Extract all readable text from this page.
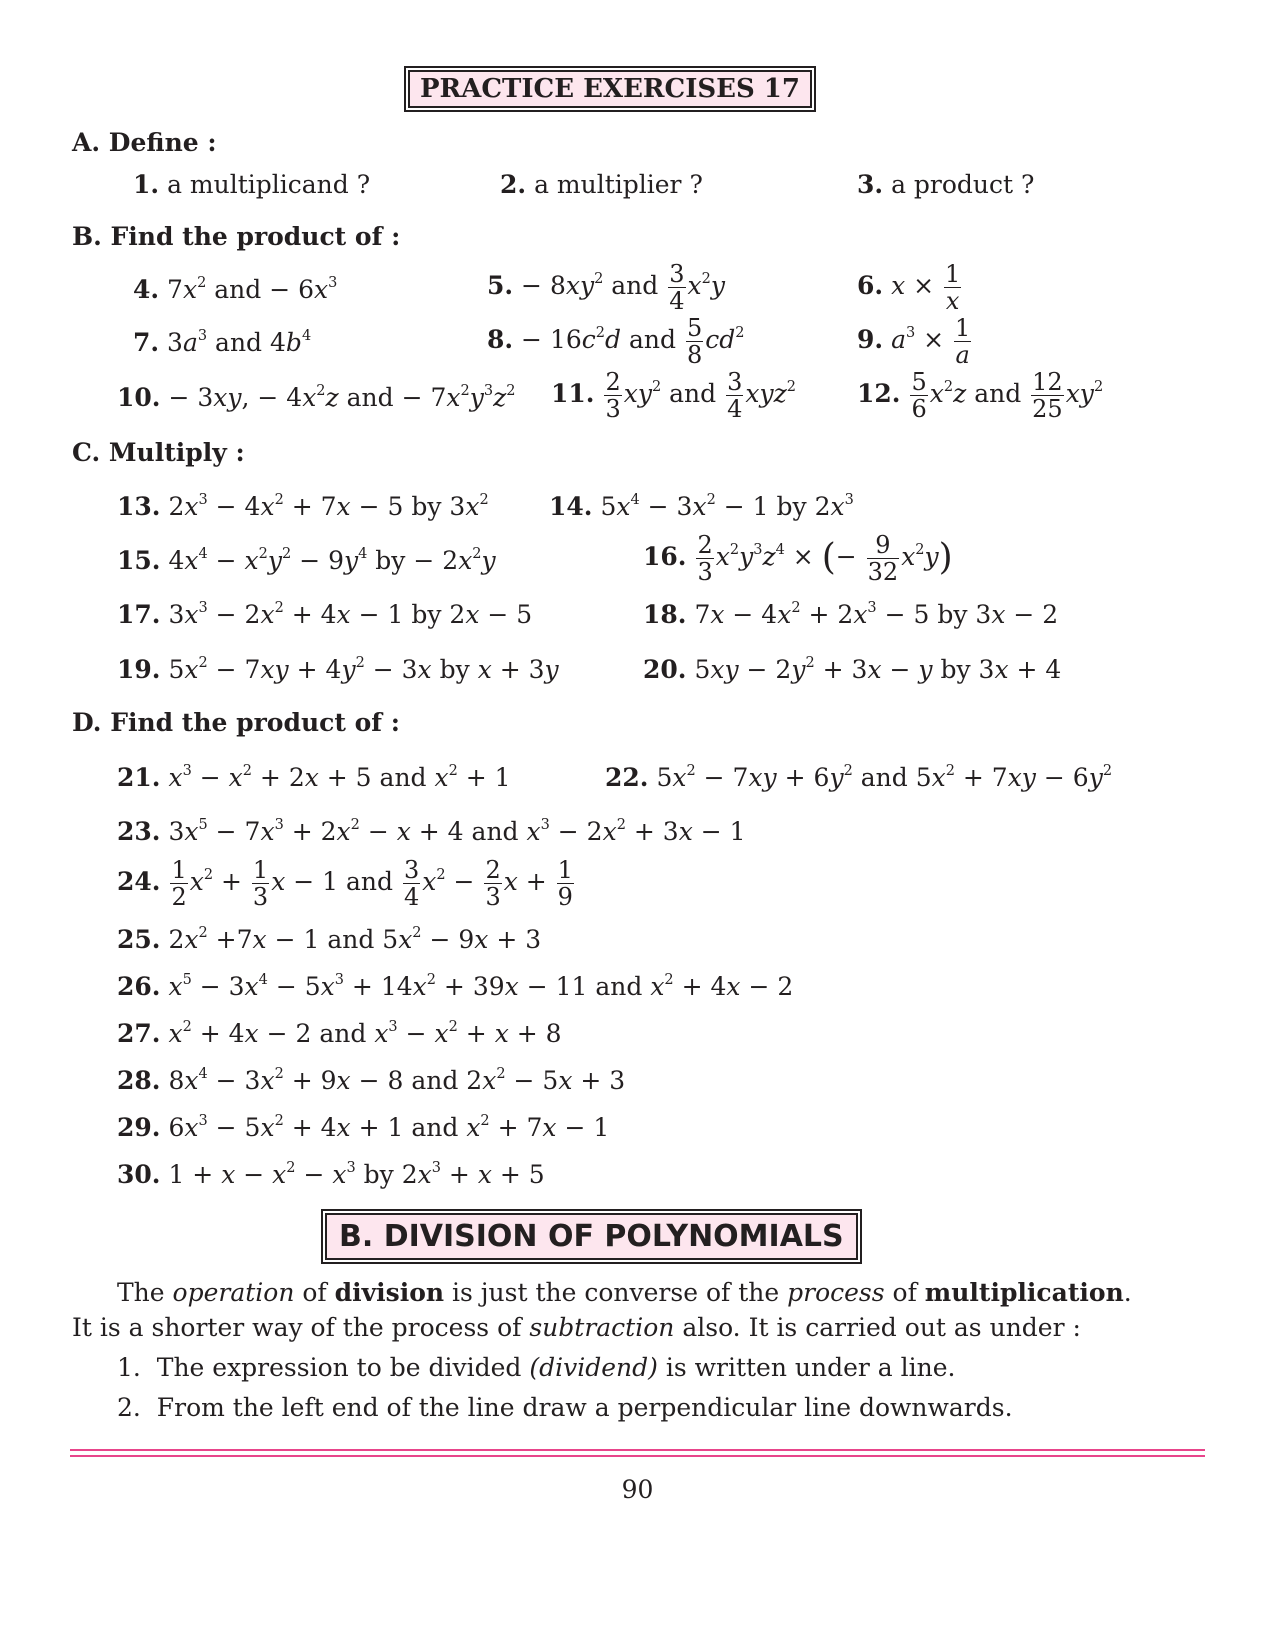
PRACTICE EXERCISES 17
A. Define :
1. a multiplicand ?	2. a multiplier ?	3. a product ?
B. Find the product of :
4. $7x^2$ and − $6x^3$	5. − $8xy^2$ and $\frac{3}{4} x^2y$	6. $x \times \frac{1}{x}$
7. $3a^3$ and $4b^4$	8. − $16c^2d$ and $\frac{5}{8} cd^2$	9. $a^3 \times \frac{1}{a}$
10. − 3xy, − $4x^2z$ and − $7x^2y^3z^2$ 11. $\frac{2}{3} xy^2$ and $\frac{3}{4} xyz^2$ 12. $\frac{5}{6} x^2z$ and $\frac{12}{25} xy^2$
C. Multiply :
13. $2x^3 - 4x^2 + 7x - 5$ by $3x^2$ 14. $5x^4 - 3x^2 - 1$ by $2x^3$
15. $4x^4 - x^2y^2 - 9y^4$ by − $2x^2y$	16. $\frac{2}{3} x^2y^3z^4$ × (− $\frac{9}{32} x^2y$)
17. $3x^3 - 2x^2 + 4x - 1$ by 2x − 5	18. $7x - 4x^2 + 2x^3 - 5$ by 3x − 2
19. $5x^2 - 7xy + 4y^2 - 3x$ by x + 3y	20. $5xy - 2y^2 + 3x - y$ by 3x + 4
D. Find the product of :
21. $x^3 - x^2 + 2x + 5$ and $x^2 + 1$	22. $5x^2 - 7xy + 6y^2$ and $5x^2 + 7xy - 6y^2$
23. $3x^5 - 7x^3 + 2x^2 - x + 4$ and $x^3 - 2x^2 + 3x - 1$
24. $\frac{1}{2} x^2 + \frac{1}{3}$ x − 1 and $\frac{3}{4} x^2 - \frac{2}{3}$ $x + \frac{1}{9}$
25. $2x^2 +7x - 1$ and $5x^2 - 9x + 3$
26. $x^5 - 3x^4 - 5x^3 + 14x^2 + 39x - 11$ and $x^2 + 4x - 2$
27. $x^2 + 4x - 2$ and $x^3 - x^2 + x + 8$
28. $8x^4 - 3x^2 + 9x - 8$ and $2x^2 - 5x + 3$
29. $6x^3 - 5x^2 + 4x + 1$ and $x^2 + 7x - 1$
30. $1 + x - x^2 - x^3$ by $2x^3 + x + 5$
B. DIVISION OF POLYNOMIALS
The operation of division is just the converse of the process of multiplication.
It is a shorter way of the process of subtraction also. It is carried out as under :
1. The expression to be divided (dividend) is written under a line.
2. From the left end of the line draw a perpendicular line downwards.
90
